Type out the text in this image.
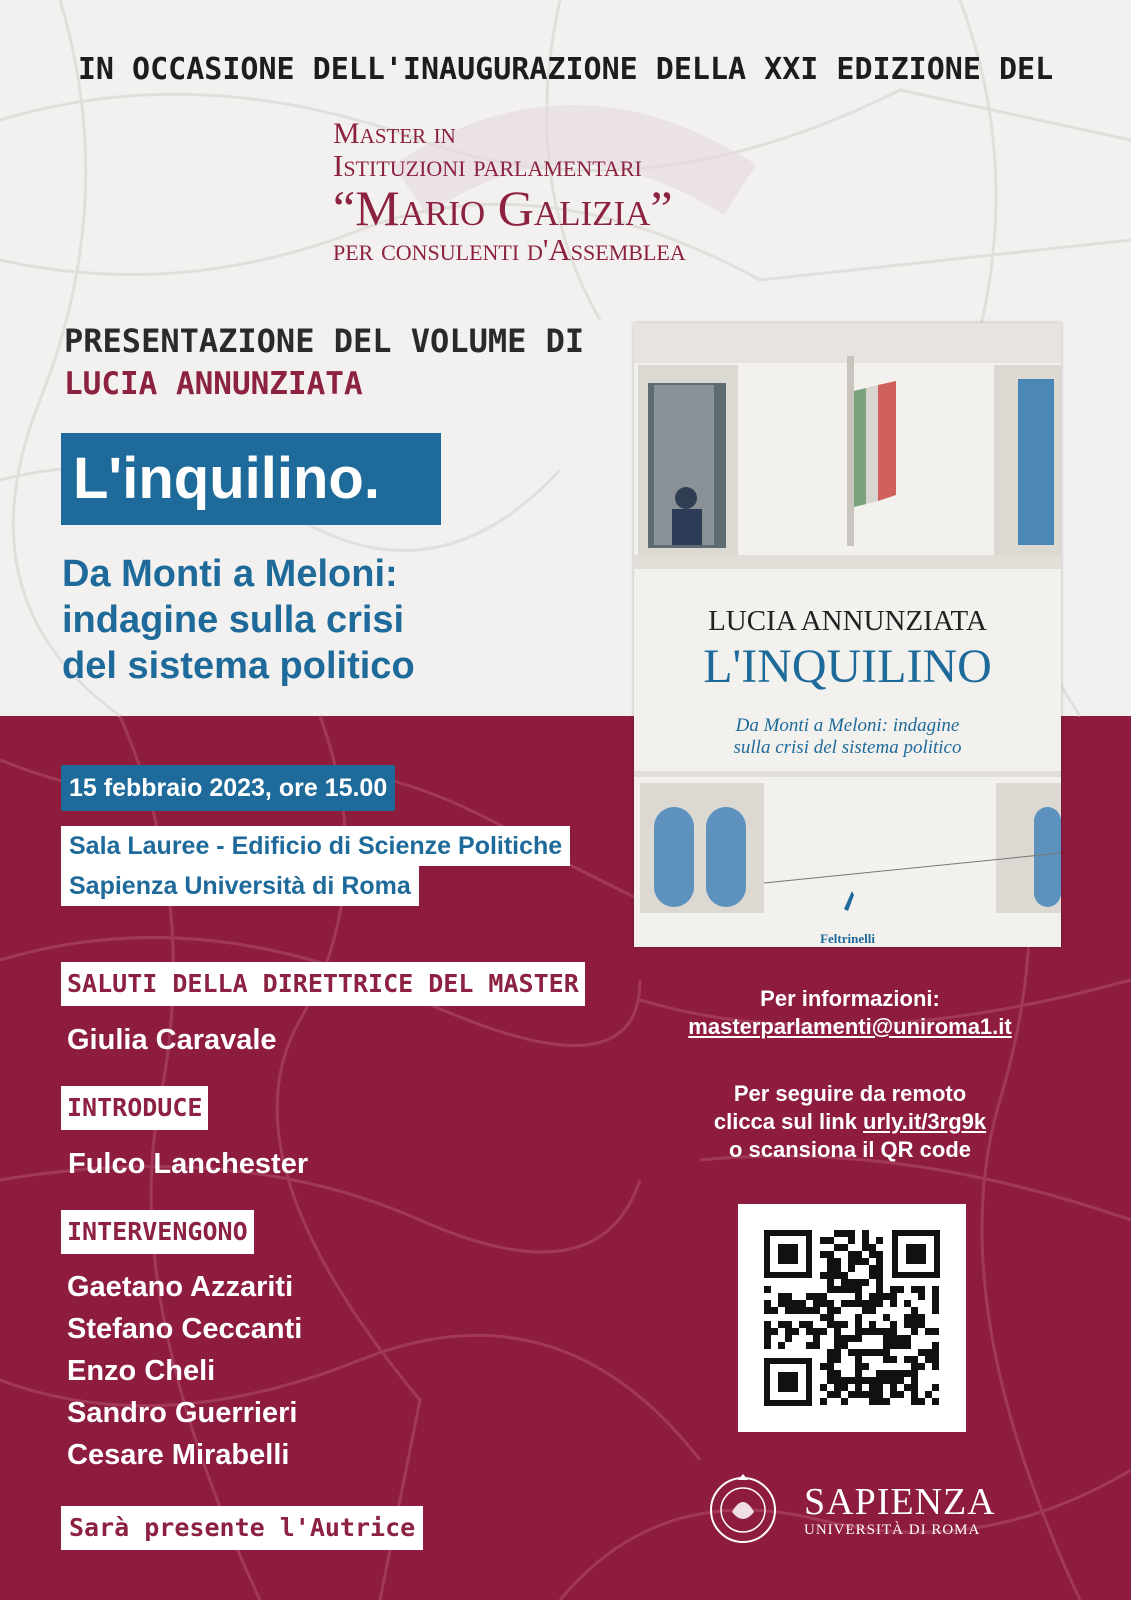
IN OCCASIONE DELL'INAUGURAZIONE DELLA XXI EDIZIONE DEL
Master in
Istituzioni parlamentari
“Mario Galizia”
per consulenti d'Assemblea
PRESENTAZIONE DEL VOLUME DI
LUCIA ANNUNZIATA
L'inquilino.
Da Monti a Meloni:
indagine sulla crisi
del sistema politico
LUCIA ANNUNZIATA
L'INQUILINO
Da Monti a Meloni: indagine
sulla crisi del sistema politico
Feltrinelli
15 febbraio 2023, ore 15.00
Sala Lauree - Edificio di Scienze Politiche
Sapienza Università di Roma
SALUTI DELLA DIRETTRICE DEL MASTER
Giulia Caravale
INTRODUCE
Fulco Lanchester
INTERVENGONO
Gaetano Azzariti
Stefano Ceccanti
Enzo Cheli
Sandro Guerrieri
Cesare Mirabelli
Sarà presente l'Autrice
Per informazioni:
masterparlamenti@uniroma1.it
Per seguire da remoto
clicca sul link urly.it/3rg9k
o scansiona il QR code
SAPIENZA
UNIVERSITÀ DI ROMA
